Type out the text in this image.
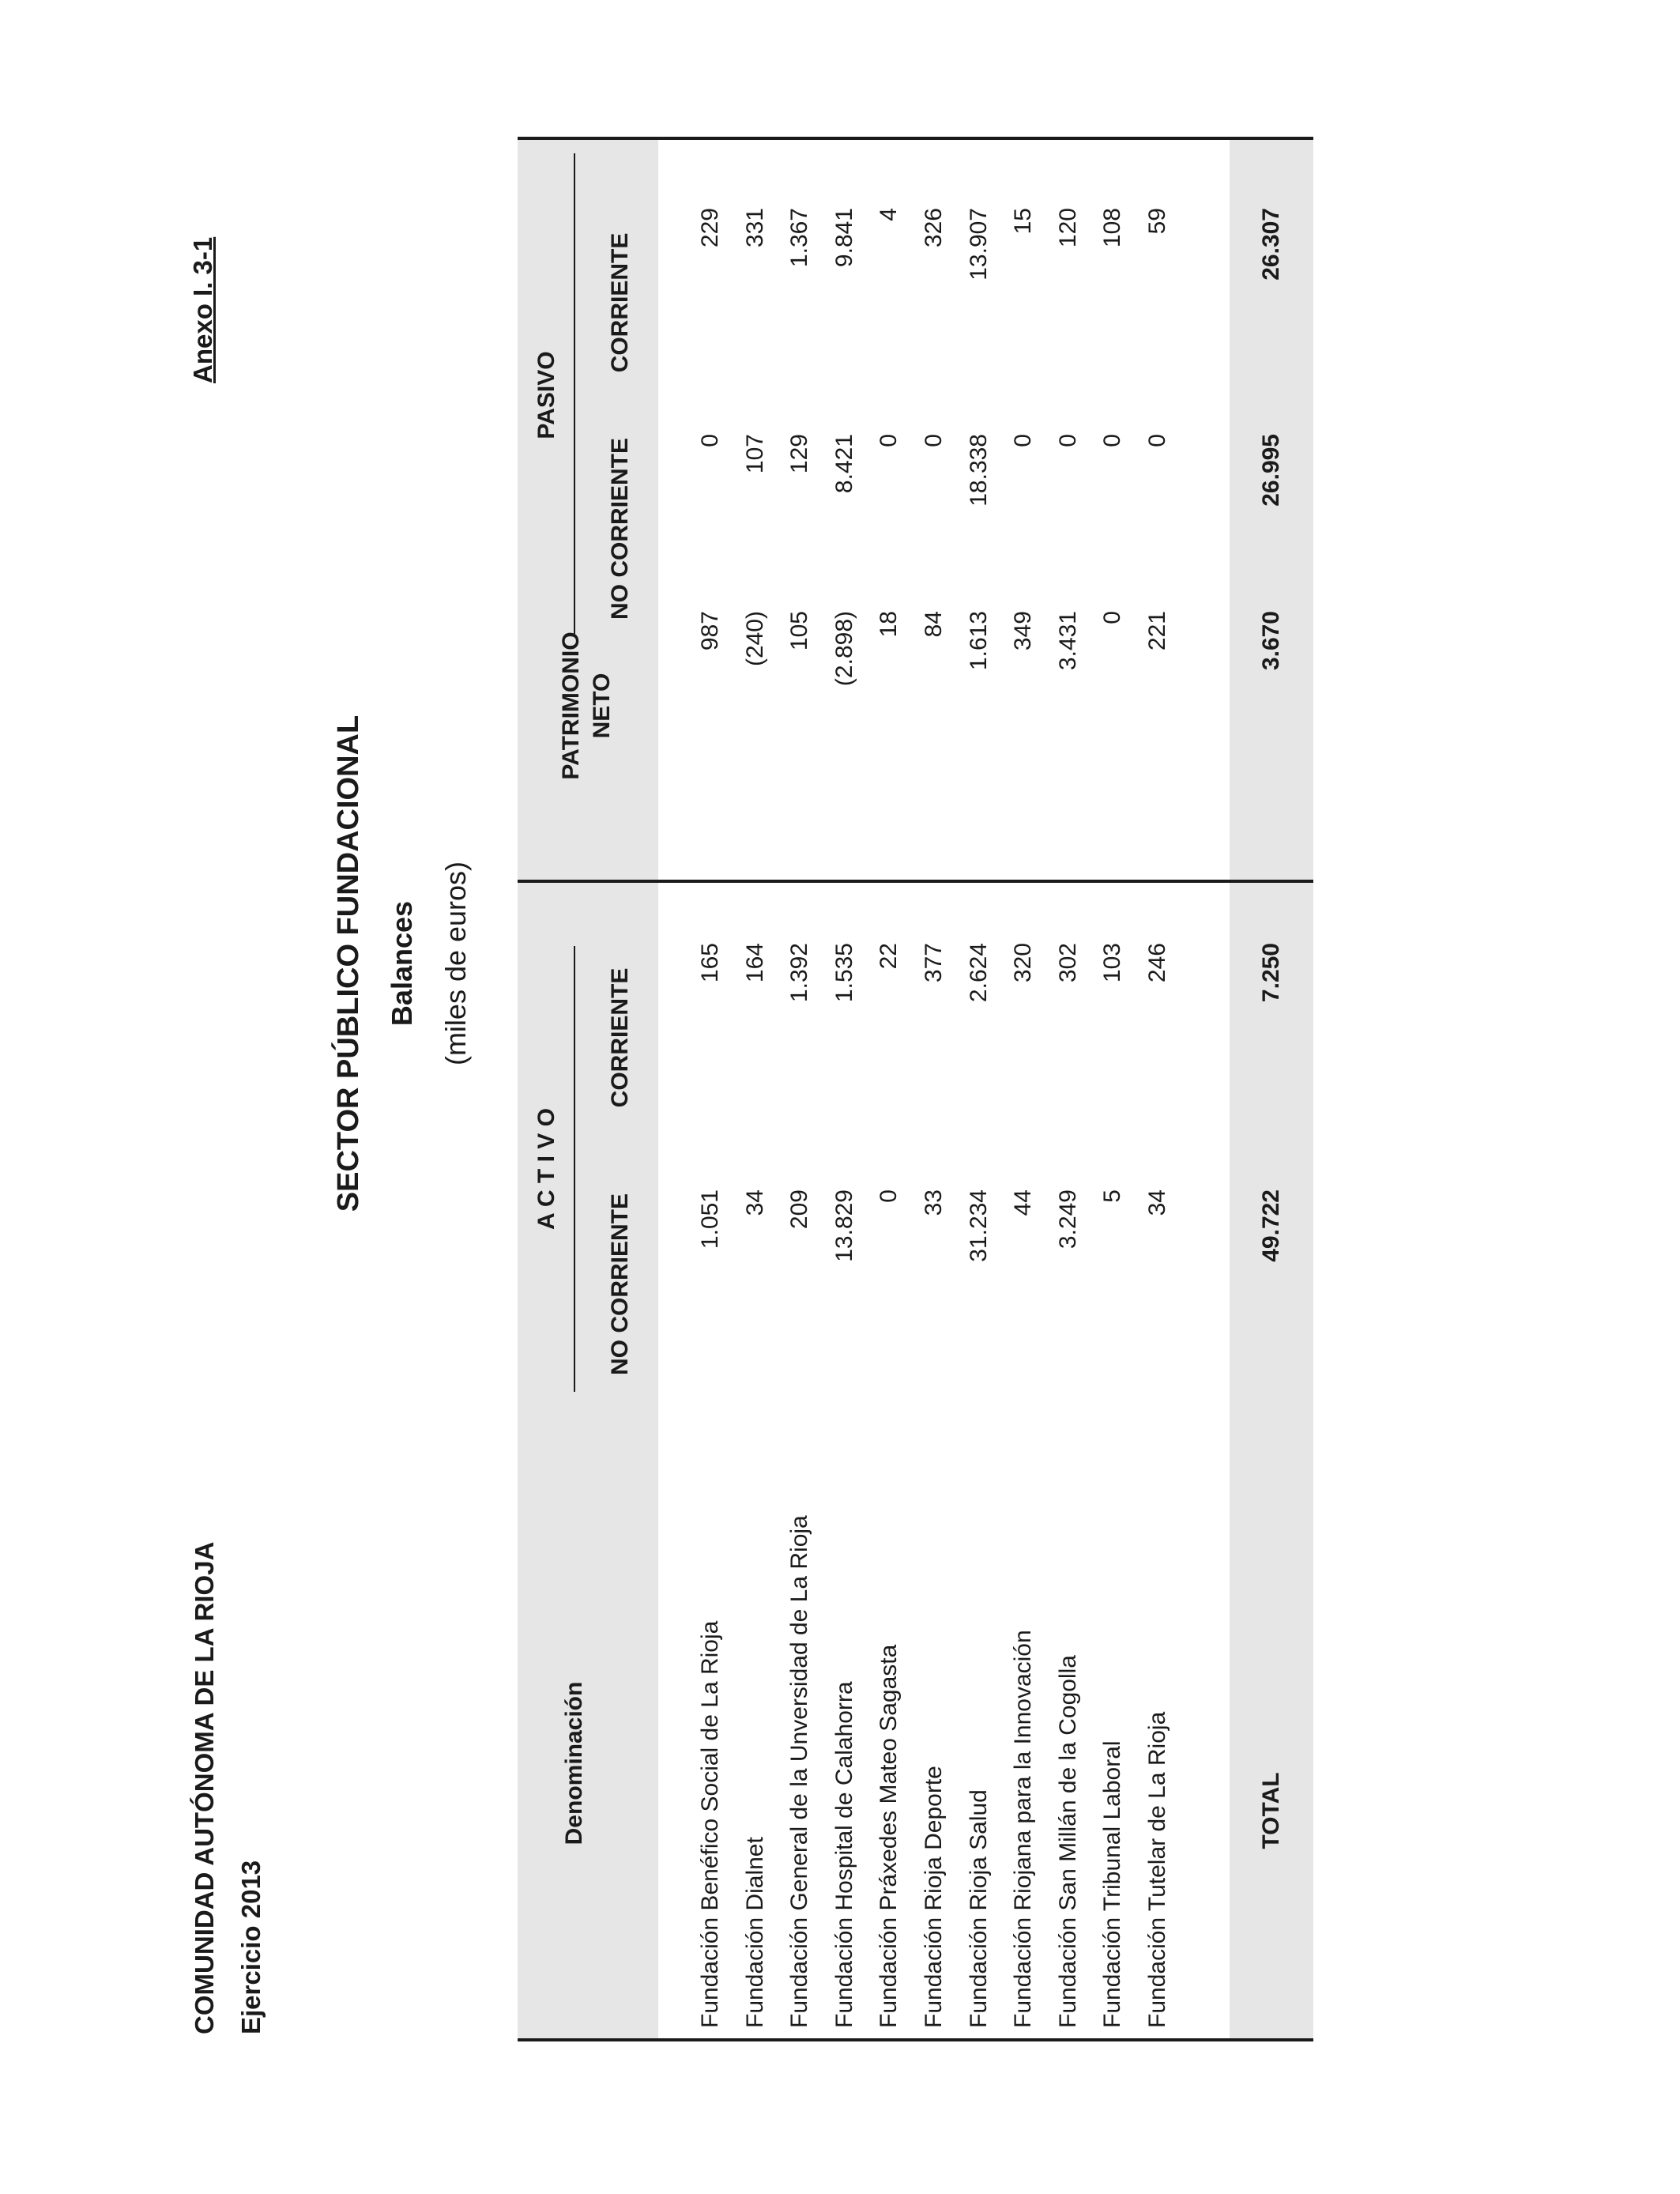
COMUNIDAD AUTÓNOMA DE LA RIOJA Ejercicio 2013
Anexo I. 3-1
SECTOR PÚBLICO FUNDACIONAL Balances (miles de euros)
Denominación
A C T I V O
PASIVO
NO CORRIENTE
CORRIENTE
PATRIMONIO NETO
NO CORRIENTE
CORRIENTE
Fundación Benéfico Social de La Rioja
1.051
165
987
0
229
Fundación Dialnet
34
164
(240)
107
331
Fundación General de la Unversidad de La Rioja
209
1.392
105
129
1.367
Fundación Hospital de Calahorra
13.829
1.535
(2.898)
8.421
9.841
Fundación Práxedes Mateo Sagasta
0
22
18
0
4
Fundación Rioja Deporte
33
377
84
0
326
Fundación Rioja Salud
31.234
2.624
1.613
18.338
13.907
Fundación Riojana para la Innovación
44
320
349
0
15
Fundación San Millán de la Cogolla
3.249
302
3.431
0
120
Fundación Tribunal Laboral
5
103
0
0
108
Fundación Tutelar de La Rioja
34
246
221
0
59
TOTAL
49.722
7.250
3.670
26.995
26.307
